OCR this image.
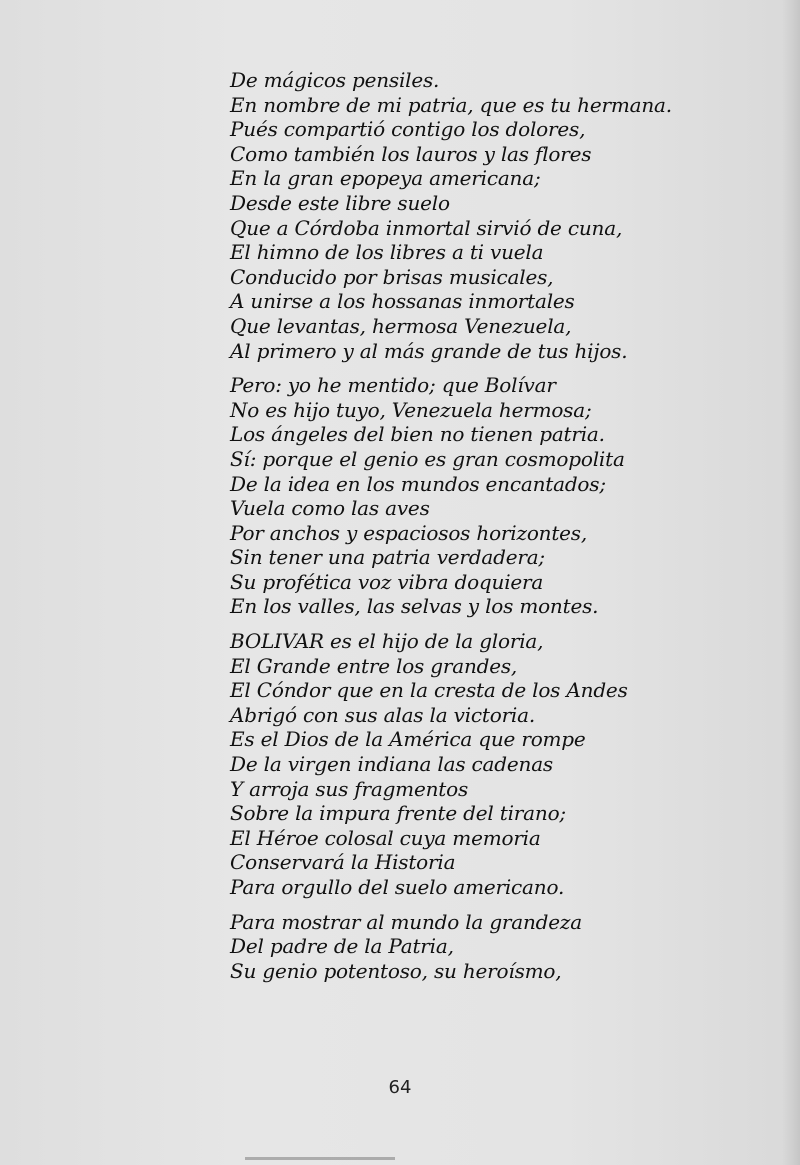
De mágicos pensiles.
En nombre de mi patria, que es tu hermana.
Pués compartió contigo los dolores,
Como también los lauros y las flores
En la gran epopeya americana;
Desde este libre suelo
Que a Córdoba inmortal sirvió de cuna,
El himno de los libres a ti vuela
Conducido por brisas musicales,
A unirse a los hossanas inmortales
Que levantas, hermosa Venezuela,
Al primero y al más grande de tus hijos.
Pero: yo he mentido; que Bolívar
No es hijo tuyo, Venezuela hermosa;
Los ángeles del bien no tienen patria.
Sí: porque el genio es gran cosmopolita
De la idea en los mundos encantados;
Vuela como las aves
Por anchos y espaciosos horizontes,
Sin tener una patria verdadera;
Su profética voz vibra doquiera
En los valles, las selvas y los montes.
BOLIVAR es el hijo de la gloria,
El Grande entre los grandes,
El Cóndor que en la cresta de los Andes
Abrigó con sus alas la victoria.
Es el Dios de la América que rompe
De la virgen indiana las cadenas
Y arroja sus fragmentos
Sobre la impura frente del tirano;
El Héroe colosal cuya memoria
Conservará la Historia
Para orgullo del suelo americano.
Para mostrar al mundo la grandeza
Del padre de la Patria,
Su genio potentoso, su heroísmo,
64
